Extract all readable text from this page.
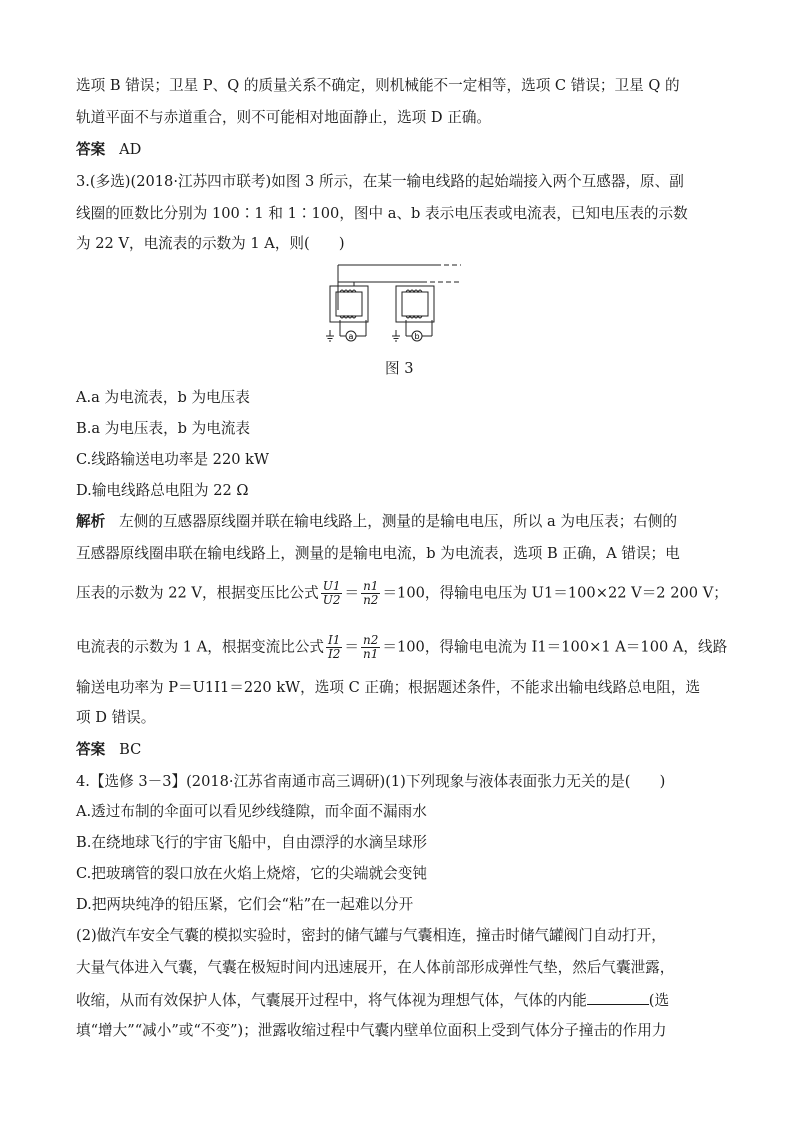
选项 B 错误；卫星 P、Q 的质量关系不确定，则机械能不一定相等，选项 C 错误；卫星 Q 的
轨道平面不与赤道重合，则不可能相对地面静止，选项 D 正确。
答案 AD
3.(多选)(2018·江苏四市联考)如图 3 所示，在某一输电线路的起始端接入两个互感器，原、副
线圈的匝数比分别为 100∶1 和 1∶100，图中 a、b 表示电压表或电流表，已知电压表的示数
为 22 V，电流表的示数为 1 A，则(　　)
a	b
图 3
A.a 为电流表，b 为电压表
B.a 为电压表，b 为电流表
C.线路输送电功率是 220 kW
D.输电线路总电阻为 22 Ω
解析 左侧的互感器原线圈并联在输电线路上，测量的是输电电压，所以 a 为电压表；右侧的
互感器原线圈串联在输电线路上，测量的是输电电流，b 为电流表，选项 B 正确，A 错误；电
压表的示数为 22 V，根据变压比公式 $\frac{U1}{U2} = \frac{n1}{n2} =100$，得输电电压为 U1＝100×22 V＝2 200 V；
电流表的示数为 1 A，根据变流比公式 $\frac{I1}{I2} = \frac{n2}{n1} =100$，得输电电流为 I1＝100×1 A＝100 A，线路
输送电功率为 P＝U1I1＝220 kW，选项 C 正确；根据题述条件，不能求出输电线路总电阻，选
项 D 错误。
答案 BC
4.【选修 3－3】(2018·江苏省南通市高三调研)(1)下列现象与液体表面张力无关的是(　　)
A.透过布制的伞面可以看见纱线缝隙，而伞面不漏雨水
B.在绕地球飞行的宇宙飞船中，自由漂浮的水滴呈球形
C.把玻璃管的裂口放在火焰上烧熔，它的尖端就会变钝
D.把两块纯净的铅压紧，它们会“粘”在一起难以分开
(2)做汽车安全气囊的模拟实验时，密封的储气罐与气囊相连，撞击时储气罐阀门自动打开，
大量气体进入气囊，气囊在极短时间内迅速展开，在人体前部形成弹性气垫，然后气囊泄露，
收缩，从而有效保护人体，气囊展开过程中，将气体视为理想气体，气体的内能	(选
填“增大”“减小”或“不变”)；泄露收缩过程中气囊内壁单位面积上受到气体分子撞击的作用力
